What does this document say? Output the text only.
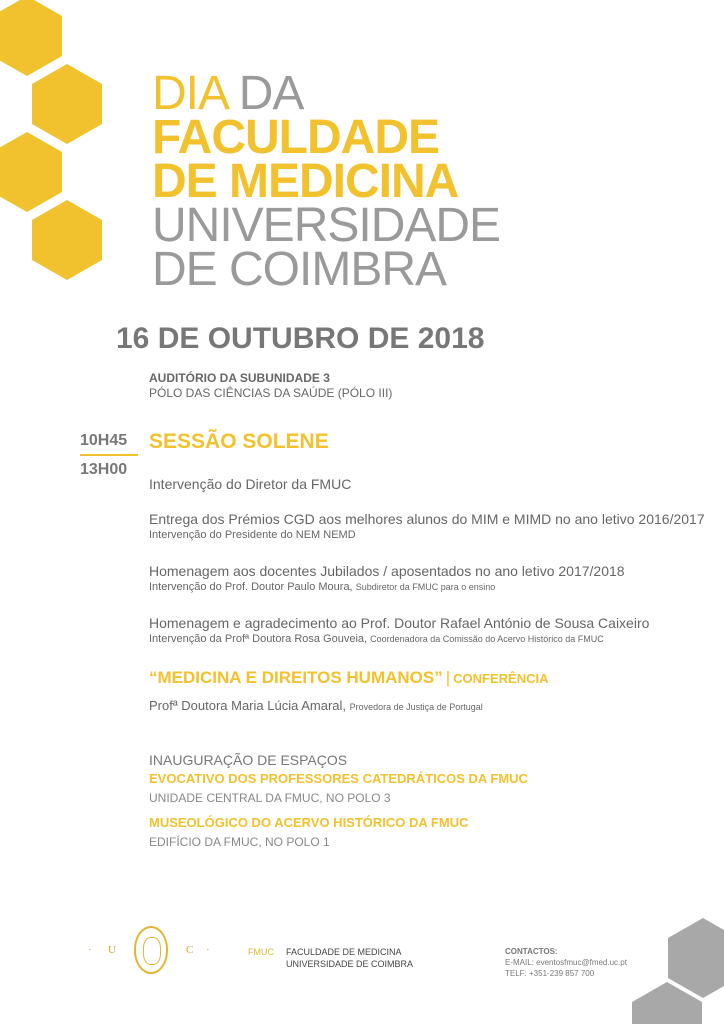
DIA DA
FACULDADE
DE MEDICINA
UNIVERSIDADE
DE COIMBRA
16 DE OUTUBRO DE 2018
AUDITÓRIO DA SUBUNIDADE 3
PÓLO DAS CIÊNCIAS DA SAÚDE (PÓLO III)
10H45
13H00
SESSÃO SOLENE
Intervenção do Diretor da FMUC
Entrega dos Prémios CGD aos melhores alunos do MIM e MIMD no ano letivo 2016/2017
Intervenção do Presidente do NEM NEMD
Homenagem aos docentes Jubilados / aposentados no ano letivo 2017/2018
Intervenção do Prof. Doutor Paulo Moura, Subdiretor da FMUC para o ensino
Homenagem e agradecimento ao Prof. Doutor Rafael António de Sousa Caixeiro
Intervenção da Profª Doutora Rosa Gouveia, Coordenadora da Comissão do Acervo Histórico da FMUC
“MEDICINA E DIREITOS HUMANOS” | CONFERÊNCIA
Profª Doutora Maria Lúcia Amaral, Provedora de Justiça de Portugal
INAUGURAÇÃO DE ESPAÇOS
EVOCATIVO DOS PROFESSORES CATEDRÁTICOS DA FMUC
UNIDADE CENTRAL DA FMUC, NO POLO 3
MUSEOLÓGICO DO ACERVO HISTÓRICO DA FMUC
EDIFÍCIO DA FMUC, NO POLO 1
· U	C ·	FMUC FACULDADE DE MEDICINA
UNIVERSIDADE DE COIMBRA
CONTACTOS:
E-MAIL: eventosfmuc@fmed.uc.pt
TELF: +351-239 857 700
